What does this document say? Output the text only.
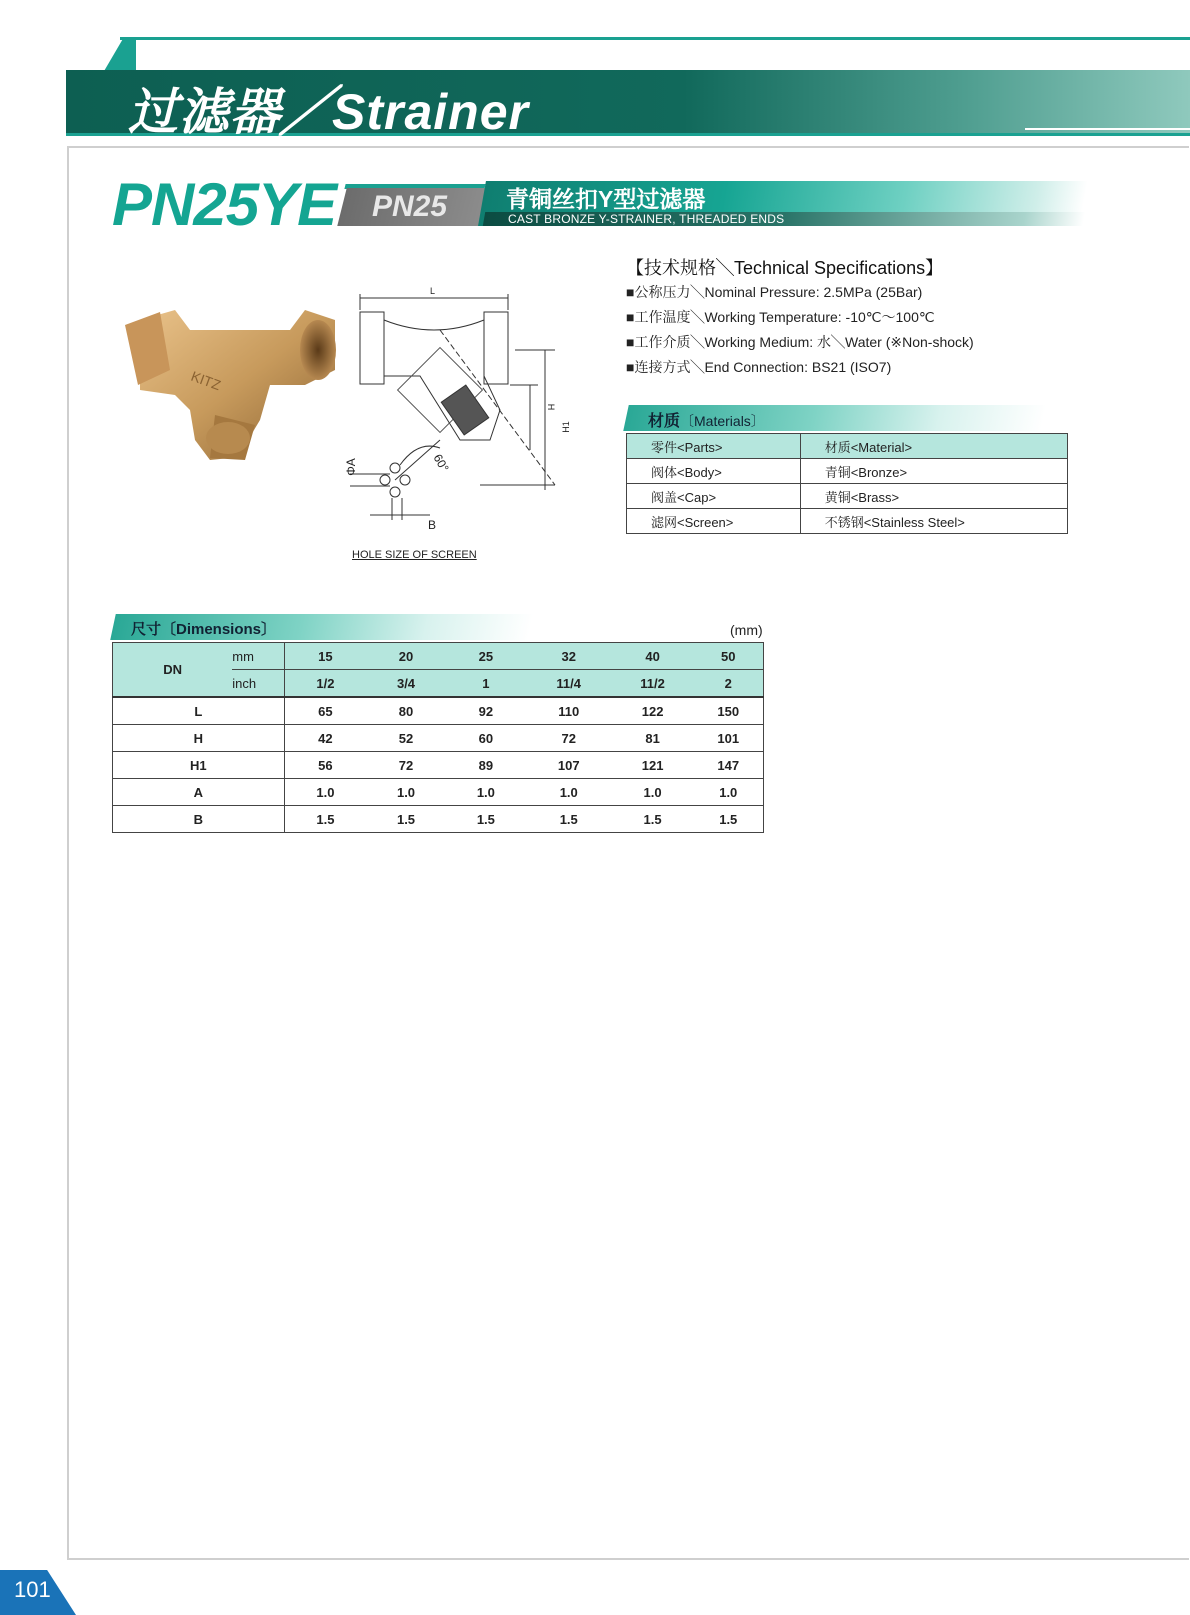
过滤器╱Strainer
PN25YE PN25	青铜丝扣Y型过滤器
CAST BRONZE Y-STRAINER, THREADED ENDS
KITZ
L
H
H1
ΦA	60°
B
HOLE SIZE OF SCREEN
【技术规格╲Technical Specifications】
■公称压力╲Nominal Pressure: 2.5MPa (25Bar)
■工作温度╲Working Temperature: -10℃～100℃
■工作介质╲Working Medium: 水╲Water (※Non-shock)
■连接方式╲End Connection: BS21 (ISO7)
材质〔Materials〕
零件<Parts>	材质<Material>
阀体<Body>	青铜<Bronze>
阀盖<Cap>	黄铜<Brass>
滤网<Screen>	不锈钢<Stainless Steel>
尺寸〔Dimensions〕	(mm)
DN	mm	15	20	25	32	40	50
	inch	1/2	3/4	1	11/4	11/2	2
L		65	80	92	110	122	150
H		42	52	60	72	81	101
H1		56	72	89	107	121	147
A		1.0	1.0	1.0	1.0	1.0	1.0
B		1.5	1.5	1.5	1.5	1.5	1.5
101
